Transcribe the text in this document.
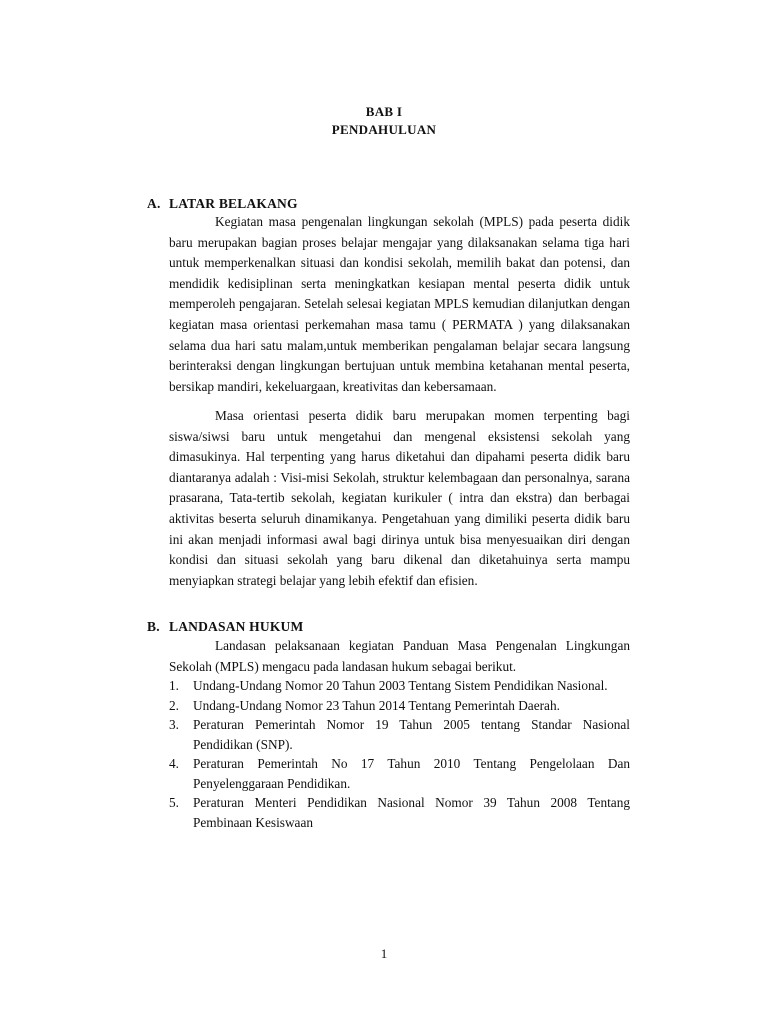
BAB I
PENDAHULUAN
A. LATAR BELAKANG

Kegiatan masa pengenalan lingkungan sekolah (MPLS) pada peserta didik baru merupakan bagian proses belajar mengajar yang dilaksanakan selama tiga hari untuk memperkenalkan situasi dan kondisi sekolah, memilih bakat dan potensi, dan mendidik kedisiplinan serta meningkatkan kesiapan mental peserta didik untuk memperoleh pengajaran. Setelah selesai kegiatan MPLS kemudian dilanjutkan dengan kegiatan masa orientasi perkemahan masa tamu ( PERMATA ) yang dilaksanakan selama dua hari satu malam,untuk memberikan pengalaman belajar secara langsung berinteraksi dengan lingkungan bertujuan untuk membina ketahanan mental peserta, bersikap mandiri, kekeluargaan, kreativitas dan kebersamaan.

Masa orientasi peserta didik baru merupakan momen terpenting bagi siswa/siwsi baru untuk mengetahui dan mengenal eksistensi sekolah yang dimasukinya. Hal terpenting yang harus diketahui dan dipahami peserta didik baru diantaranya adalah : Visi-misi Sekolah, struktur kelembagaan dan personalnya, sarana prasarana, Tata-tertib sekolah, kegiatan kurikuler ( intra dan ekstra) dan berbagai aktivitas beserta seluruh dinamikanya. Pengetahuan yang dimiliki peserta didik baru ini akan menjadi informasi awal bagi dirinya untuk bisa menyesuaikan diri dengan kondisi dan situasi sekolah yang baru dikenal dan diketahuinya serta mampu menyiapkan strategi belajar yang lebih efektif dan efisien.

B. LANDASAN HUKUM

Landasan pelaksanaan kegiatan Panduan Masa Pengenalan Lingkungan Sekolah (MPLS) mengacu pada landasan hukum sebagai berikut.

1. Undang-Undang Nomor 20 Tahun 2003 Tentang Sistem Pendidikan Nasional.
2. Undang-Undang Nomor 23 Tahun 2014 Tentang Pemerintah Daerah.
3. Peraturan Pemerintah Nomor 19 Tahun 2005 tentang Standar Nasional Pendidikan (SNP).
4. Peraturan Pemerintah No 17 Tahun 2010 Tentang Pengelolaan Dan Penyelenggaraan Pendidikan.
5. Peraturan Menteri Pendidikan Nasional Nomor 39 Tahun 2008 Tentang Pembinaan Kesiswaan
1
